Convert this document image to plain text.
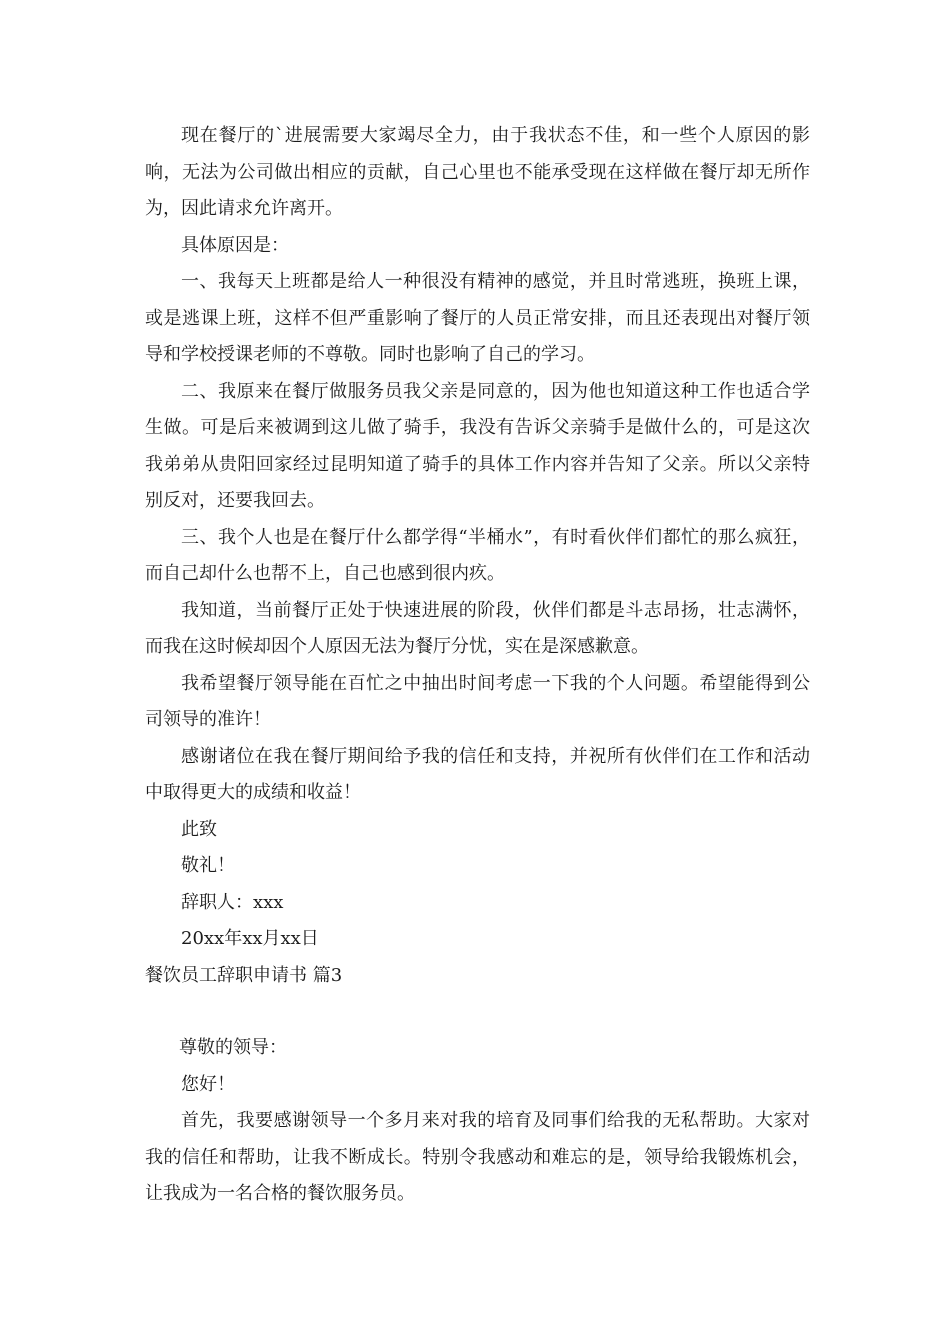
现在餐厅的`进展需要大家竭尽全力，由于我状态不佳，和一些个人原因的影响，无法为公司做出相应的贡献，自己心里也不能承受现在这样做在餐厅却无所作为，因此请求允许离开。

具体原因是：

一、我每天上班都是给人一种很没有精神的感觉，并且时常逃班，换班上课，或是逃课上班，这样不但严重影响了餐厅的人员正常安排，而且还表现出对餐厅领导和学校授课老师的不尊敬。同时也影响了自己的学习。

二、我原来在餐厅做服务员我父亲是同意的，因为他也知道这种工作也适合学生做。可是后来被调到这儿做了骑手，我没有告诉父亲骑手是做什么的，可是这次我弟弟从贵阳回家经过昆明知道了骑手的具体工作内容并告知了父亲。所以父亲特别反对，还要我回去。

三、我个人也是在餐厅什么都学得“半桶水”，有时看伙伴们都忙的那么疯狂，而自己却什么也帮不上，自己也感到很内疚。

我知道，当前餐厅正处于快速进展的阶段，伙伴们都是斗志昂扬，壮志满怀，而我在这时候却因个人原因无法为餐厅分忧，实在是深感歉意。

我希望餐厅领导能在百忙之中抽出时间考虑一下我的个人问题。希望能得到公司领导的准许！

感谢诸位在我在餐厅期间给予我的信任和支持，并祝所有伙伴们在工作和活动中取得更大的成绩和收益！

此致

敬礼！

辞职人：xxx

20xx年xx月xx日

餐饮员工辞职申请书 篇3

尊敬的领导：

您好！

首先，我要感谢领导一个多月来对我的培育及同事们给我的无私帮助。大家对我的信任和帮助，让我不断成长。特别令我感动和难忘的是，领导给我锻炼机会，让我成为一名合格的餐饮服务员。
